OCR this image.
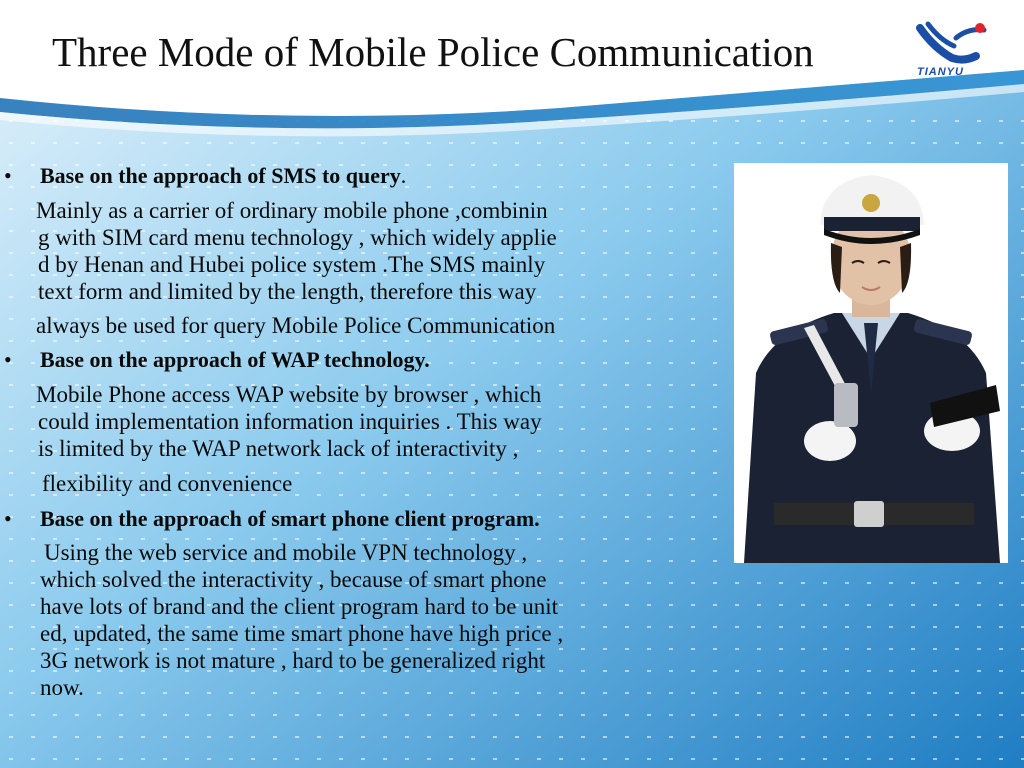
Three Mode of Mobile Police Communication	TIANYU
• Base on the approach of SMS to query.
Mainly as a carrier of ordinary mobile phone ,combinin
g with SIM card menu technology , which widely applie
d by Henan and Hubei police system .The SMS mainly
text form and limited by the length, therefore this way
always be used for query Mobile Police Communication
• Base on the approach of WAP technology.
Mobile Phone access WAP website by browser , which
could implementation information inquiries . This way
is limited by the WAP network lack of interactivity ,
flexibility and convenience
• Base on the approach of smart phone client program.
Using the web service and mobile VPN technology ,
which solved the interactivity , because of smart phone
have lots of brand and the client program hard to be unit
ed, updated, the same time smart phone have high price ,
3G network is not mature , hard to be generalized right
now.
